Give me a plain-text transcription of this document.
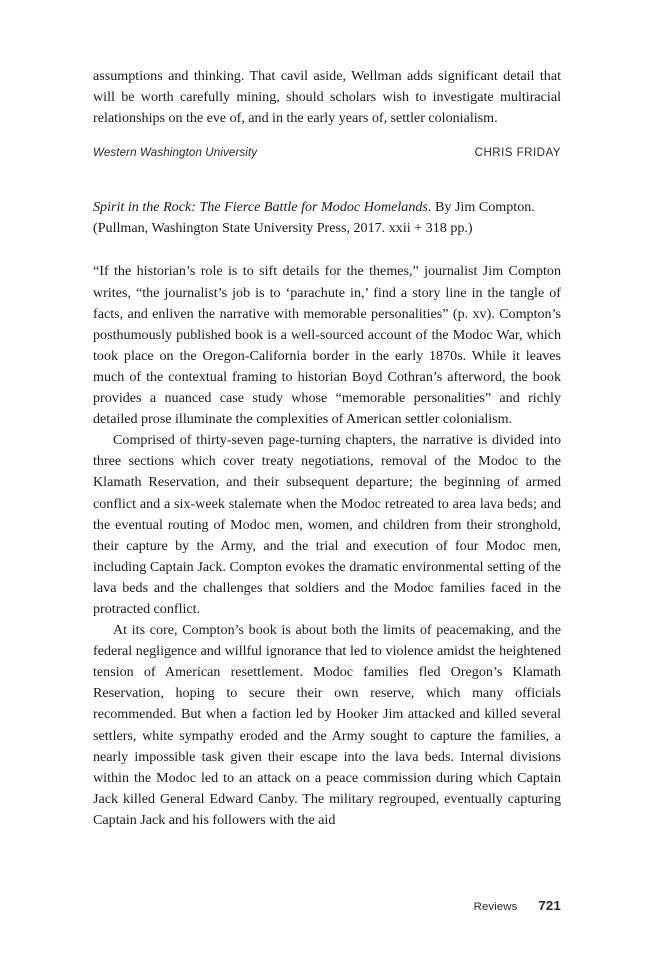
assumptions and thinking. That cavil aside, Wellman adds significant detail that will be worth carefully mining, should scholars wish to investigate multiracial relationships on the eve of, and in the early years of, settler colonialism.

Western Washington University	CHRIS FRIDAY

Spirit in the Rock: The Fierce Battle for Modoc Homelands. By Jim Compton. (Pullman, Washington State University Press, 2017. xxii + 318 pp.)

“If the historian’s role is to sift details for the themes,” journalist Jim Compton writes, “the journalist’s job is to ‘parachute in,’ find a story line in the tangle of facts, and enliven the narrative with memorable personalities” (p. xv). Compton’s posthumously published book is a well-sourced account of the Modoc War, which took place on the Oregon-California border in the early 1870s. While it leaves much of the contextual framing to historian Boyd Cothran’s afterword, the book provides a nuanced case study whose “memorable personalities” and richly detailed prose illuminate the complexities of American settler colonialism.

Comprised of thirty-seven page-turning chapters, the narrative is divided into three sections which cover treaty negotiations, removal of the Modoc to the Klamath Reservation, and their subsequent departure; the beginning of armed conflict and a six-week stalemate when the Modoc retreated to area lava beds; and the eventual routing of Modoc men, women, and children from their stronghold, their capture by the Army, and the trial and execution of four Modoc men, including Captain Jack. Compton evokes the dramatic environmental setting of the lava beds and the challenges that soldiers and the Modoc families faced in the protracted conflict.

At its core, Compton’s book is about both the limits of peacemaking, and the federal negligence and willful ignorance that led to violence amidst the heightened tension of American resettlement. Modoc families fled Oregon’s Klamath Reservation, hoping to secure their own reserve, which many officials recommended. But when a faction led by Hooker Jim attacked and killed several settlers, white sympathy eroded and the Army sought to capture the families, a nearly impossible task given their escape into the lava beds. Internal divisions within the Modoc led to an attack on a peace commission during which Captain Jack killed General Edward Canby. The military regrouped, eventually capturing Captain Jack and his followers with the aid

Reviews 721
